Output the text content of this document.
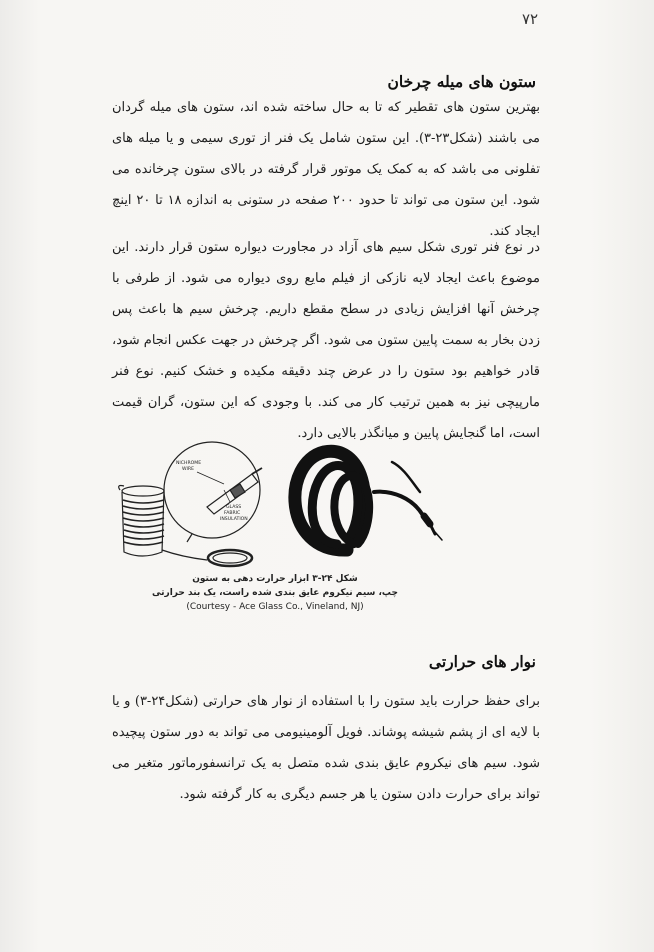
۷۲
ستون های میله چرخان
بهترین ستون های تقطیر که تا به حال ساخته شده اند، ستون های میله گردان می باشند (شکل۲۳-۳). این ستون شامل یک فنر از توری سیمی و یا میله های تفلونی می باشد که به کمک یک موتور قرار گرفته در بالای ستون چرخانده می شود. این ستون می تواند تا حدود ۲۰۰ صفحه در ستونی به اندازه ۱۸ تا ۲۰ اینچ ایجاد کند.
در نوع فنر توری شکل سیم های آزاد در مجاورت دیواره ستون قرار دارند. این موضوع باعث ایجاد لایه نازکی از فیلم مایع روی دیواره می شود. از طرفی با چرخش آنها افزایش زیادی در سطح مقطع داریم. چرخش سیم ها باعث پس زدن بخار به سمت پایین ستون می شود. اگر چرخش در جهت عکس انجام شود، قادر خواهیم بود ستون را در عرض چند دقیقه مکیده و خشک کنیم. نوع فنر مارپیچی نیز به همین ترتیب کار می کند. با وجودی که این ستون، گران قیمت است، اما گنجایش پایین و میانگذر بالایی دارد.
NICHROME
WIRE
GLASS
FABRIC
INSULATION
شکل ۲۴-۳ ابزار حرارت دهی به ستون
چپ، سیم نیکروم عایق بندی شده راست، یک بند حرارتی
(Courtesy - Ace Glass Co., Vineland, NJ)
نوار های حرارتی
برای حفظ حرارت باید ستون را با استفاده از نوار های حرارتی (شکل۲۴-۳) و یا با لایه ای از پشم شیشه پوشاند. فویل آلومینیومی می تواند به دور ستون پیچیده شود. سیم های نیکروم عایق بندی شده متصل به یک ترانسفورماتور متغیر می تواند برای حرارت دادن ستون یا هر جسم دیگری به کار گرفته شود.
